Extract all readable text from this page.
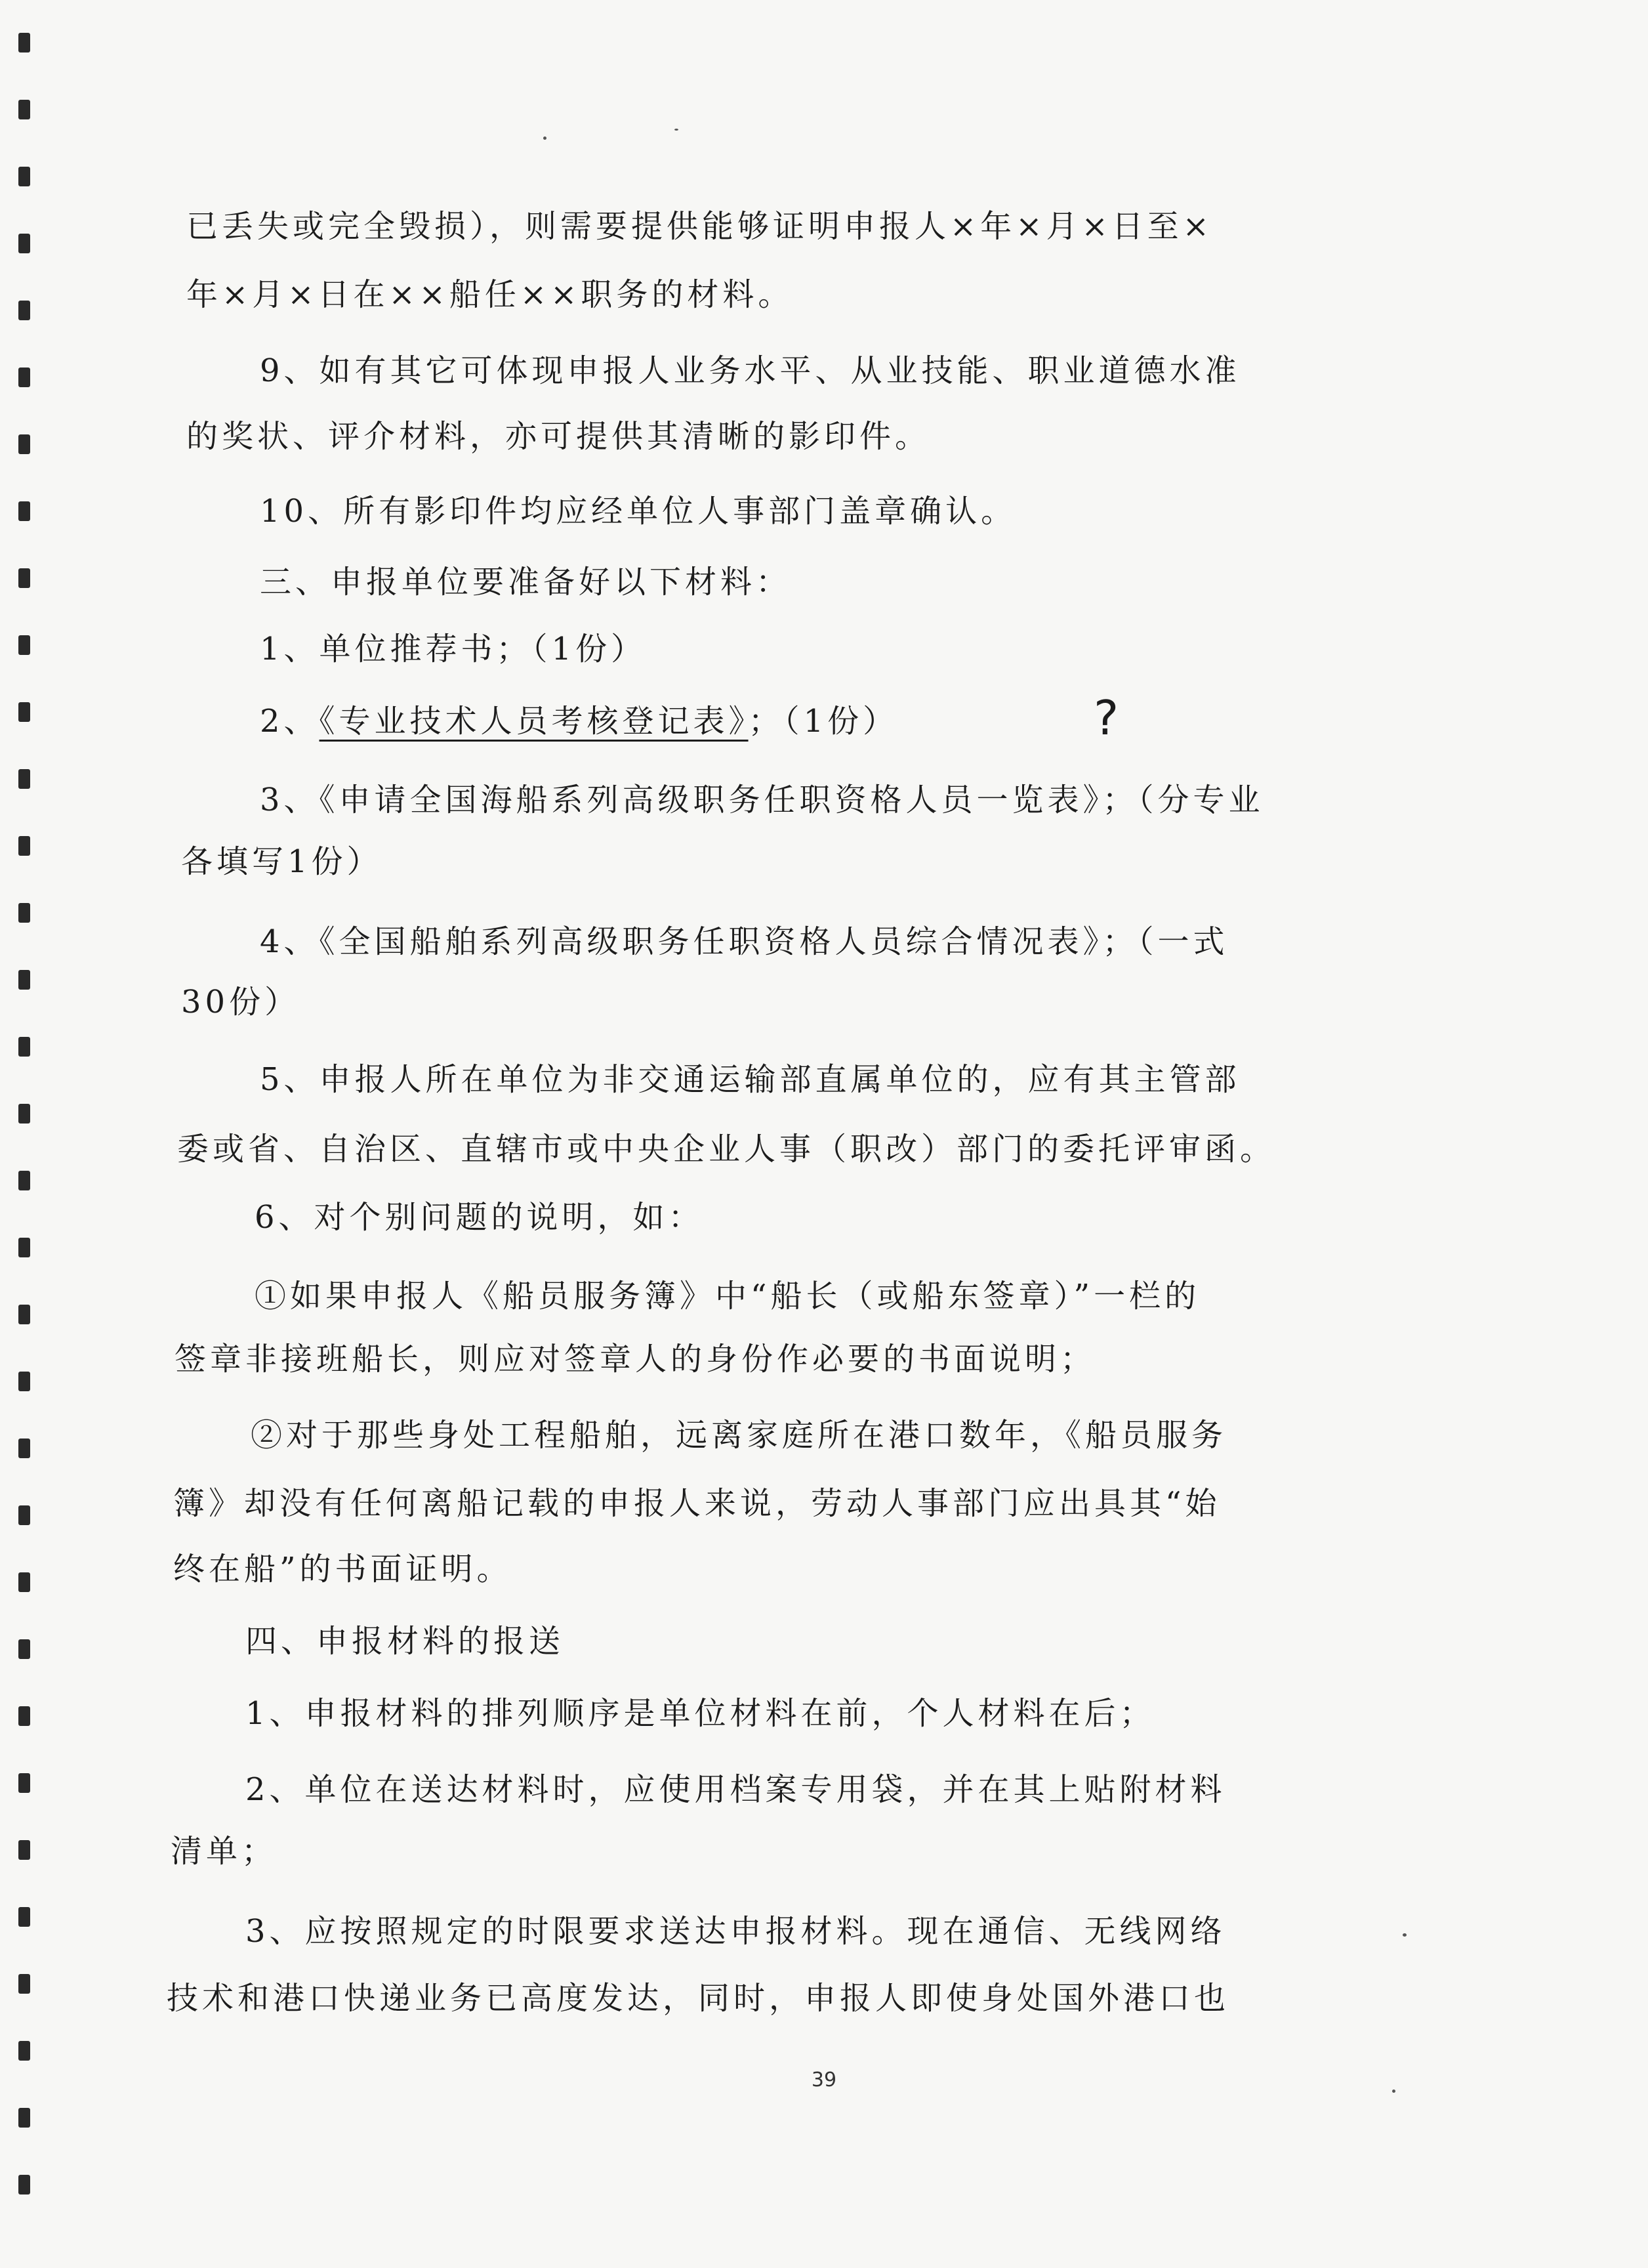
已丢失或完全毁损），则需要提供能够证明申报人×年×月×日至×
年×月×日在××船任××职务的材料。
9、如有其它可体现申报人业务水平、从业技能、职业道德水准
的奖状、评介材料，亦可提供其清晰的影印件。
10、所有影印件均应经单位人事部门盖章确认。
三、申报单位要准备好以下材料：
1、单位推荐书；（1份）
2、《专业技术人员考核登记表》；（1份）	?
3、《申请全国海船系列高级职务任职资格人员一览表》；（分专业
各填写1份）
4、《全国船舶系列高级职务任职资格人员综合情况表》；（一式
30份）
5、申报人所在单位为非交通运输部直属单位的，应有其主管部
委或省、自治区、直辖市或中央企业人事（职改）部门的委托评审函。
6、对个别问题的说明，如：
①如果申报人《船员服务簿》中“船长（或船东签章）”一栏的
签章非接班船长，则应对签章人的身份作必要的书面说明；
②对于那些身处工程船舶，远离家庭所在港口数年，《船员服务
簿》却没有任何离船记载的申报人来说，劳动人事部门应出具其“始
终在船”的书面证明。
四、申报材料的报送
1、申报材料的排列顺序是单位材料在前，个人材料在后；
2、单位在送达材料时，应使用档案专用袋，并在其上贴附材料
清单；
3、应按照规定的时限要求送达申报材料。现在通信、无线网络
技术和港口快递业务已高度发达，同时，申报人即使身处国外港口也
39
